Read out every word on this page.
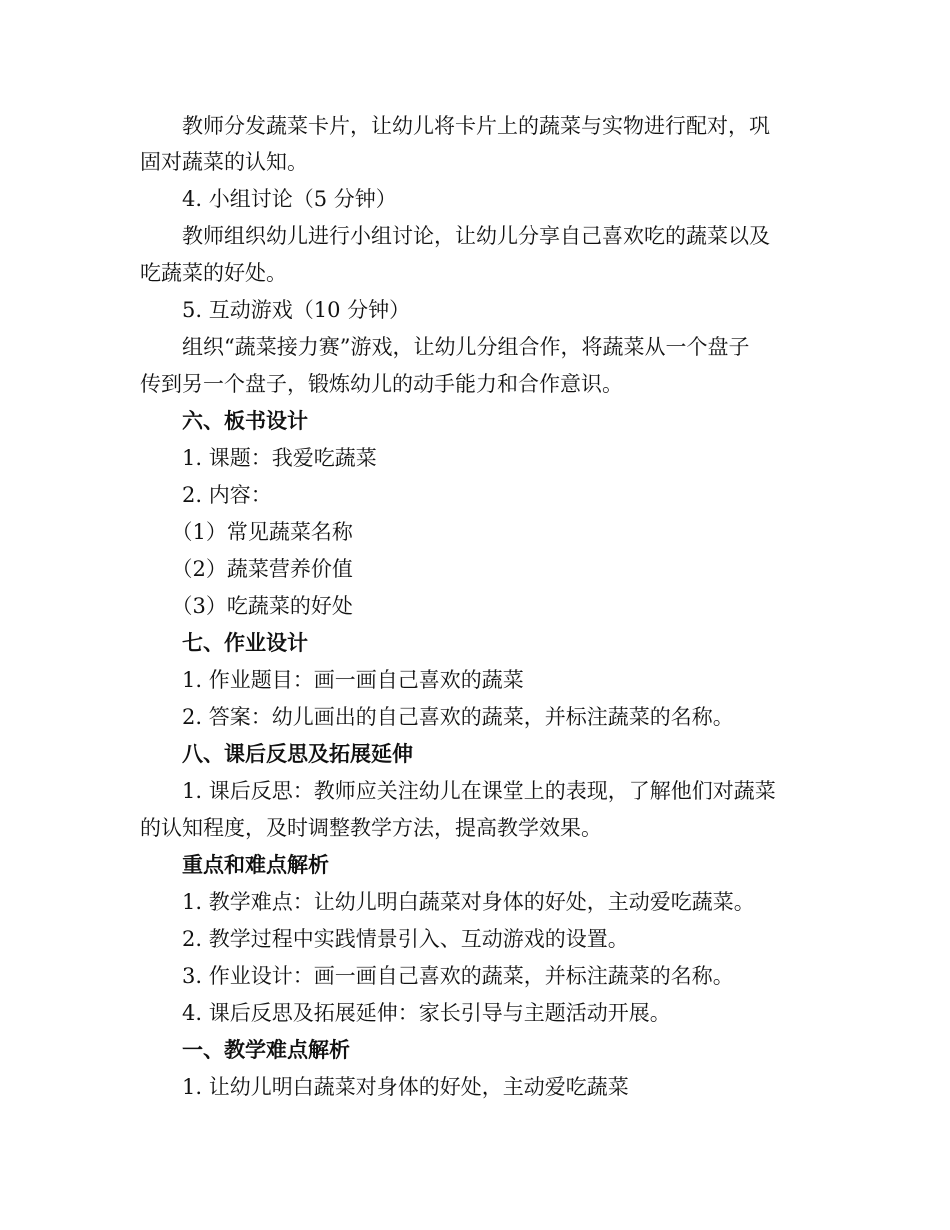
　　教师分发蔬菜卡片，让幼儿将卡片上的蔬菜与实物进行配对，巩
固对蔬菜的认知。
　　4. 小组讨论（5 分钟）
　　教师组织幼儿进行小组讨论，让幼儿分享自己喜欢吃的蔬菜以及
吃蔬菜的好处。
　　5. 互动游戏（10 分钟）
　　组织“蔬菜接力赛”游戏，让幼儿分组合作，将蔬菜从一个盘子
传到另一个盘子，锻炼幼儿的动手能力和合作意识。
　　六、板书设计
　　1. 课题：我爱吃蔬菜
　　2. 内容：
　　（1）常见蔬菜名称
　　（2）蔬菜营养价值
　　（3）吃蔬菜的好处
　　七、作业设计
　　1. 作业题目：画一画自己喜欢的蔬菜
　　2. 答案：幼儿画出的自己喜欢的蔬菜，并标注蔬菜的名称。
　　八、课后反思及拓展延伸
　　1. 课后反思：教师应关注幼儿在课堂上的表现，了解他们对蔬菜
的认知程度，及时调整教学方法，提高教学效果。
　　重点和难点解析
　　1. 教学难点：让幼儿明白蔬菜对身体的好处，主动爱吃蔬菜。
　　2. 教学过程中实践情景引入、互动游戏的设置。
　　3. 作业设计：画一画自己喜欢的蔬菜，并标注蔬菜的名称。
　　4. 课后反思及拓展延伸：家长引导与主题活动开展。
　　一、教学难点解析
　　1. 让幼儿明白蔬菜对身体的好处，主动爱吃蔬菜
